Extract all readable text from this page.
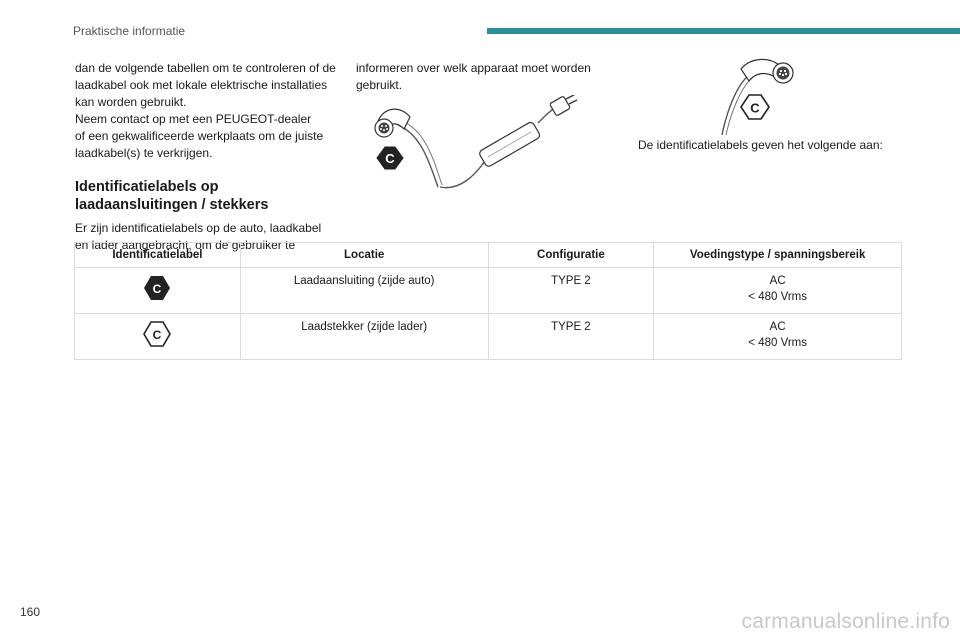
Praktische informatie

dan de volgende tabellen om te controleren of de
laadkabel ook met lokale elektrische installaties
kan worden gebruikt.
Neem contact op met een PEUGEOT-dealer
of een gekwalificeerde werkplaats om de juiste
laadkabel(s) te verkrijgen.

Identificatielabels op
laadaansluitingen / stekkers

Er zijn identificatielabels op de auto, laadkabel
en lader aangebracht, om de gebruiker te

informeren over welk apparaat moet worden
gebruikt.

C
C
De identificatielabels geven het volgende aan:
Identificatielabel	Locatie	Configuratie	Voedingstype / spanningsbereik

C	Laadaansluiting (zijde auto)	TYPE 2	AC
< 480 Vrms

C	Laadstekker (zijde lader)	TYPE 2	AC
< 480 Vrms
160	carmanualsonline.info
